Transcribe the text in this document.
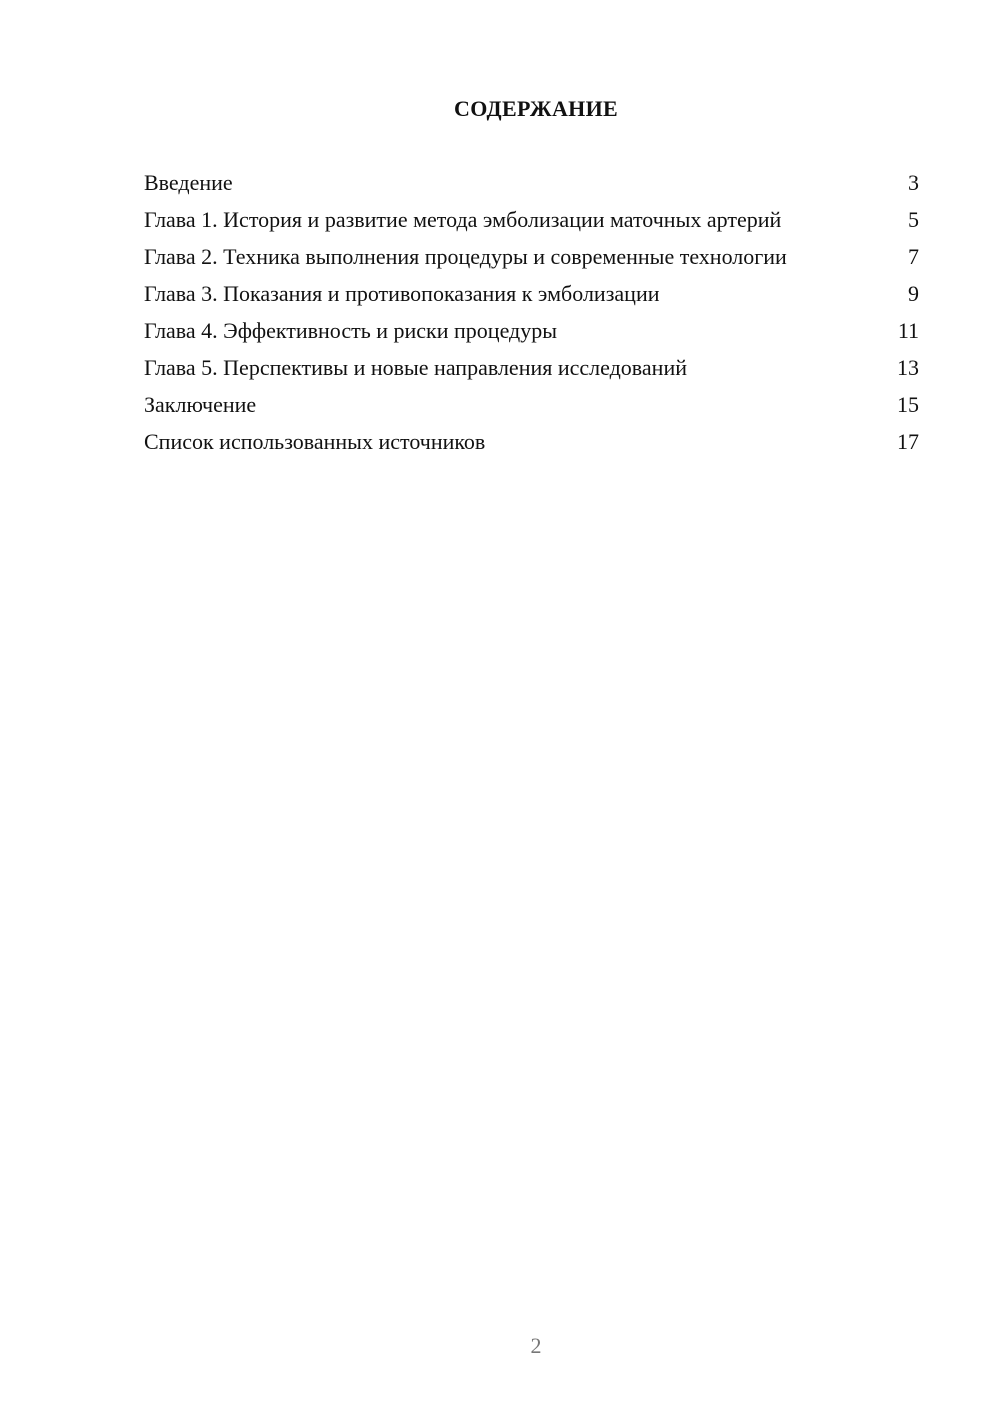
СОДЕРЖАНИЕ
Введение	3
Глава 1. История и развитие метода эмболизации маточных артерий	5
Глава 2. Техника выполнения процедуры и современные технологии	7
Глава 3. Показания и противопоказания к эмболизации	9
Глава 4. Эффективность и риски процедуры	11
Глава 5. Перспективы и новые направления исследований	13
Заключение	15
Список использованных источников	17
2
